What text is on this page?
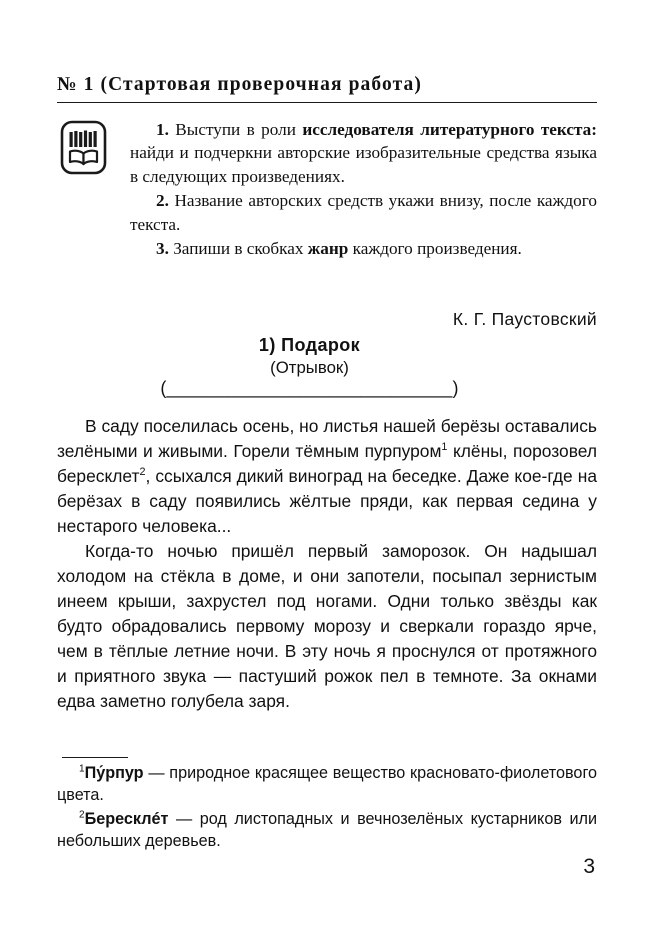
№ 1 (Стартовая проверочная работа)

1. Выступи в роли исследователя литературного текста: найди и подчеркни авторские изобразительные средства языка в следующих произведениях.

2. Название авторских средств укажи внизу, после каждого текста.

3. Запиши в скобках жанр каждого произведения.

К. Г. Паустовский
1) Подарок
(Отрывок)
(____________________________)

В саду поселилась осень, но листья нашей берёзы оставались зелёными и живыми. Горели тёмным пурпуром$^1$ клёны, порозовел бересклет$^2$, ссыхался дикий виноград на беседке. Даже кое-где на берёзах в саду появились жёлтые пряди, как первая седина у нестарого человека...

Когда-то ночью пришёл первый заморозок. Он надышал холодом на стёкла в доме, и они запотели, посыпал зернистым инеем крыши, захрустел под ногами. Одни только звёзды как будто обрадовались первому морозу и сверкали гораздо ярче, чем в тёплые летние ночи. В эту ночь я проснулся от протяжного и приятного звука — пастуший рожок пел в темноте. За окнами едва заметно голубела заря.

$^1$Пу́рпур — природное красящее вещество красновато-фиолетового цвета.

$^2$Бересклéт — род листопадных и вечнозелёных кустарников или небольших деревьев.

3
